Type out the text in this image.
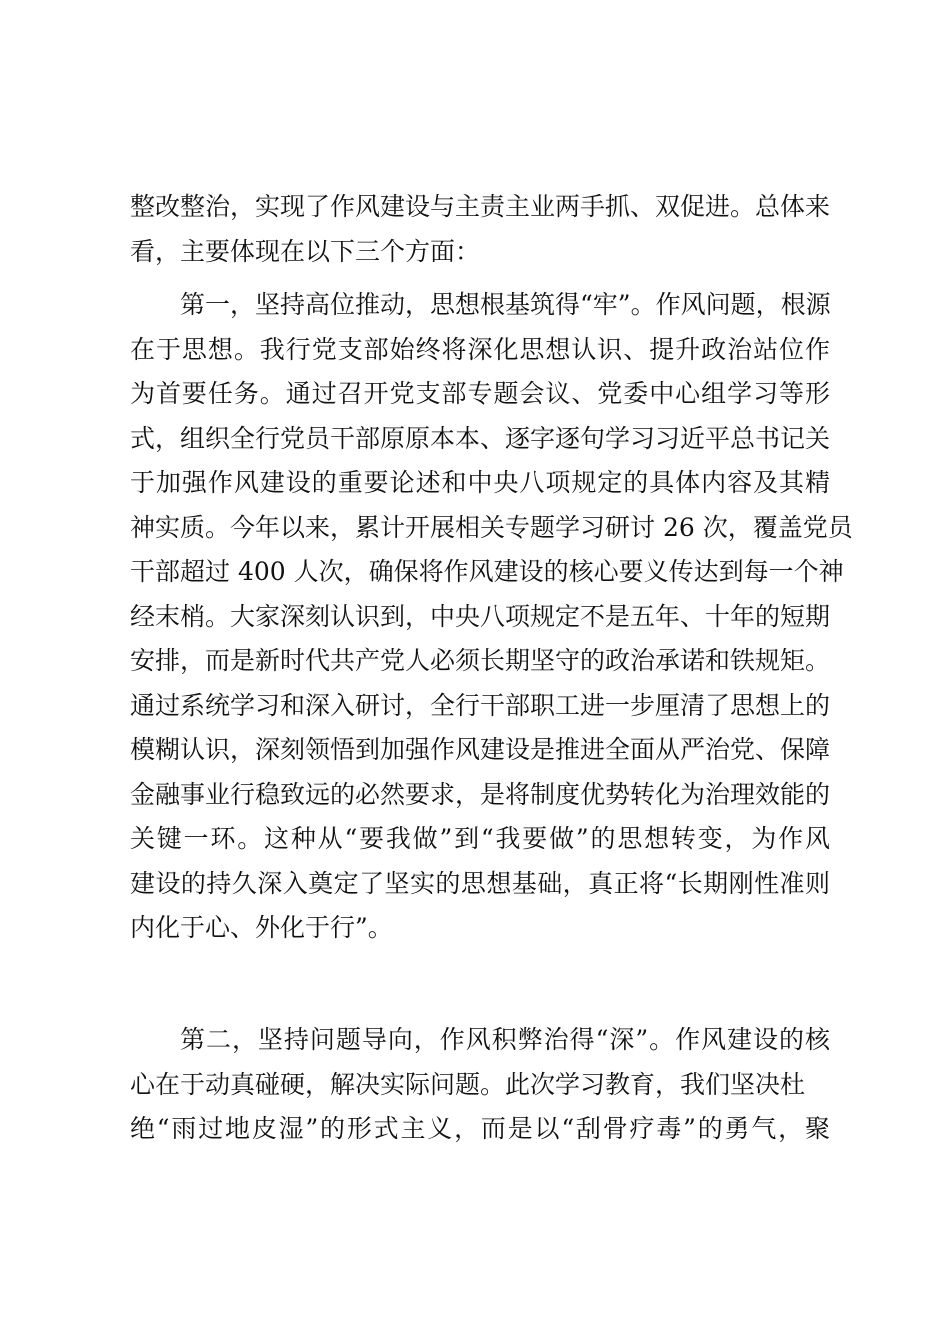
整改整治，实现了作风建设与主责主业两手抓、双促进。总体来
看，主要体现在以下三个方面：
第一，坚持高位推动，思想根基筑得“牢”。作风问题，根源
在于思想。我行党支部始终将深化思想认识、提升政治站位作
为首要任务。通过召开党支部专题会议、党委中心组学习等形
式，组织全行党员干部原原本本、逐字逐句学习习近平总书记关
于加强作风建设的重要论述和中央八项规定的具体内容及其精
神实质。今年以来，累计开展相关专题学习研讨 26 次，覆盖党员
干部超过 400 人次，确保将作风建设的核心要义传达到每一个神
经末梢。大家深刻认识到，中央八项规定不是五年、十年的短期
安排，而是新时代共产党人必须长期坚守的政治承诺和铁规矩。
通过系统学习和深入研讨，全行干部职工进一步厘清了思想上的
模糊认识，深刻领悟到加强作风建设是推进全面从严治党、保障
金融事业行稳致远的必然要求，是将制度优势转化为治理效能的
关键一环。这种从“要我做”到“我要做”的思想转变，为作风
建设的持久深入奠定了坚实的思想基础，真正将“长期刚性准则
内化于心、外化于行”。
第二，坚持问题导向，作风积弊治得“深”。作风建设的核
心在于动真碰硬，解决实际问题。此次学习教育，我们坚决杜
绝“雨过地皮湿”的形式主义，而是以“刮骨疗毒”的勇气，聚
